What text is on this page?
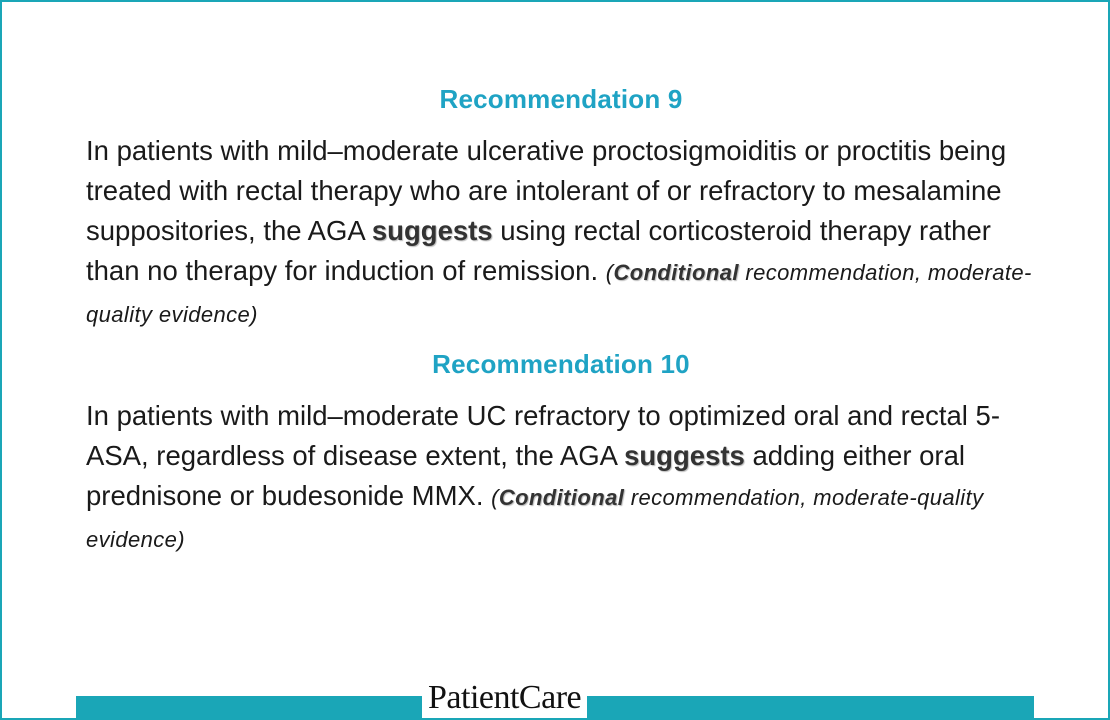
Recommendation 9

In patients with mild–moderate ulcerative proctosigmoiditis or proctitis being treated with rectal therapy who are intolerant of or refractory to mesalamine suppositories, the AGA suggests using rectal corticosteroid therapy rather than no therapy for induction of remission. (Conditional recommendation, moderate-quality evidence)

Recommendation 10

In patients with mild–moderate UC refractory to optimized oral and rectal 5-ASA, regardless of disease extent, the AGA suggests adding either oral prednisone or budesonide MMX. (Conditional recommendation, moderate-quality evidence)

PatientCare
